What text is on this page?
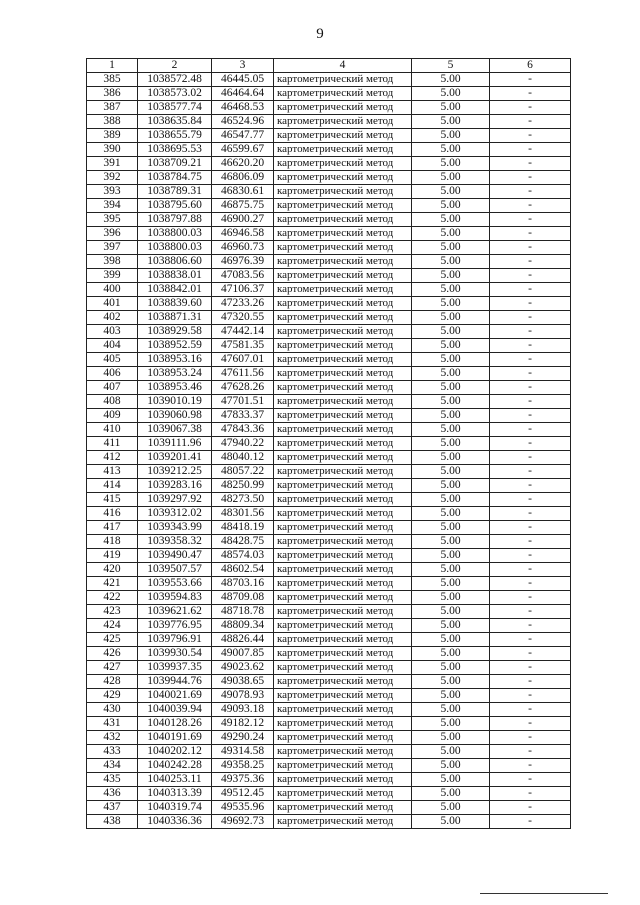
9
1	2	3	4	5	6
385	1038572.48	46445.05	картометрический метод	5.00	-
386	1038573.02	46464.64	картометрический метод	5.00	-
387	1038577.74	46468.53	картометрический метод	5.00	-
388	1038635.84	46524.96	картометрический метод	5.00	-
389	1038655.79	46547.77	картометрический метод	5.00	-
390	1038695.53	46599.67	картометрический метод	5.00	-
391	1038709.21	46620.20	картометрический метод	5.00	-
392	1038784.75	46806.09	картометрический метод	5.00	-
393	1038789.31	46830.61	картометрический метод	5.00	-
394	1038795.60	46875.75	картометрический метод	5.00	-
395	1038797.88	46900.27	картометрический метод	5.00	-
396	1038800.03	46946.58	картометрический метод	5.00	-
397	1038800.03	46960.73	картометрический метод	5.00	-
398	1038806.60	46976.39	картометрический метод	5.00	-
399	1038838.01	47083.56	картометрический метод	5.00	-
400	1038842.01	47106.37	картометрический метод	5.00	-
401	1038839.60	47233.26	картометрический метод	5.00	-
402	1038871.31	47320.55	картометрический метод	5.00	-
403	1038929.58	47442.14	картометрический метод	5.00	-
404	1038952.59	47581.35	картометрический метод	5.00	-
405	1038953.16	47607.01	картометрический метод	5.00	-
406	1038953.24	47611.56	картометрический метод	5.00	-
407	1038953.46	47628.26	картометрический метод	5.00	-
408	1039010.19	47701.51	картометрический метод	5.00	-
409	1039060.98	47833.37	картометрический метод	5.00	-
410	1039067.38	47843.36	картометрический метод	5.00	-
411	1039111.96	47940.22	картометрический метод	5.00	-
412	1039201.41	48040.12	картометрический метод	5.00	-
413	1039212.25	48057.22	картометрический метод	5.00	-
414	1039283.16	48250.99	картометрический метод	5.00	-
415	1039297.92	48273.50	картометрический метод	5.00	-
416	1039312.02	48301.56	картометрический метод	5.00	-
417	1039343.99	48418.19	картометрический метод	5.00	-
418	1039358.32	48428.75	картометрический метод	5.00	-
419	1039490.47	48574.03	картометрический метод	5.00	-
420	1039507.57	48602.54	картометрический метод	5.00	-
421	1039553.66	48703.16	картометрический метод	5.00	-
422	1039594.83	48709.08	картометрический метод	5.00	-
423	1039621.62	48718.78	картометрический метод	5.00	-
424	1039776.95	48809.34	картометрический метод	5.00	-
425	1039796.91	48826.44	картометрический метод	5.00	-
426	1039930.54	49007.85	картометрический метод	5.00	-
427	1039937.35	49023.62	картометрический метод	5.00	-
428	1039944.76	49038.65	картометрический метод	5.00	-
429	1040021.69	49078.93	картометрический метод	5.00	-
430	1040039.94	49093.18	картометрический метод	5.00	-
431	1040128.26	49182.12	картометрический метод	5.00	-
432	1040191.69	49290.24	картометрический метод	5.00	-
433	1040202.12	49314.58	картометрический метод	5.00	-
434	1040242.28	49358.25	картометрический метод	5.00	-
435	1040253.11	49375.36	картометрический метод	5.00	-
436	1040313.39	49512.45	картометрический метод	5.00	-
437	1040319.74	49535.96	картометрический метод	5.00	-
438	1040336.36	49692.73	картометрический метод	5.00	-
